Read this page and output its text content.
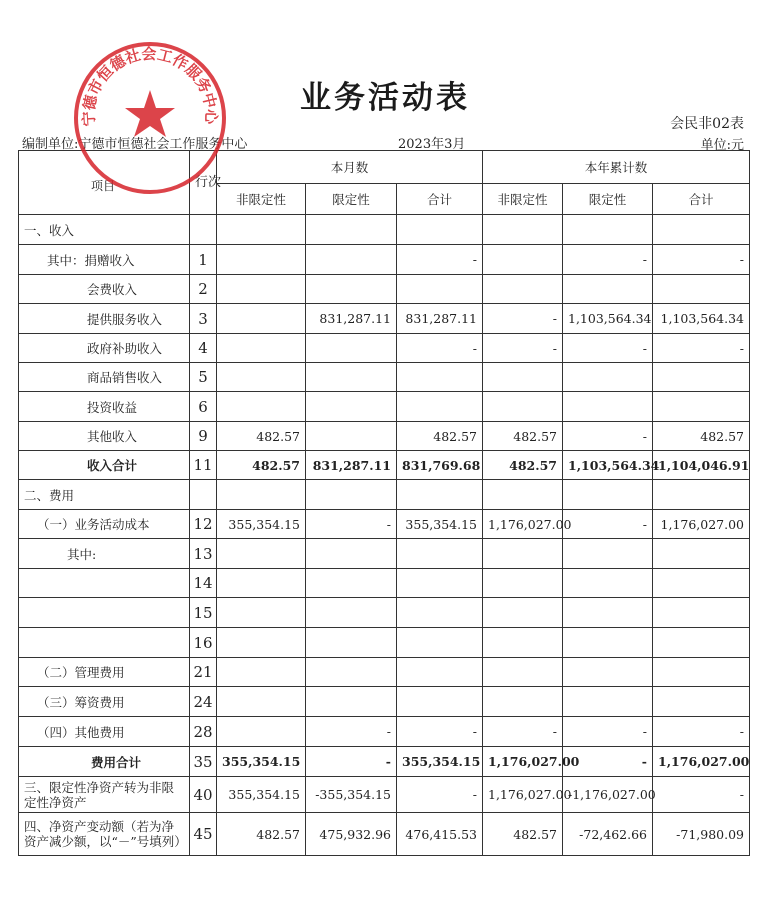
业务活动表
会民非02表
编制单位:宁德市恒德社会工作服务中心	2023年3月	单位:元
项目	行次	本月数			本年累计数		
		非限定性	限定性	合计	非限定性	限定性	合计
一、收入							
其中：捐赠收入	1			-		-	-
会费收入	2						
提供服务收入	3		831,287.11	831,287.11	-	1,103,564.34	1,103,564.34
政府补助收入	4			-	-	-	-
商品销售收入	5						
投资收益	6						
其他收入	9	482.57		482.57	482.57	-	482.57
收入合计	11	482.57	831,287.11	831,769.68	482.57	1,103,564.34	1,104,046.91
二、费用							
（一）业务活动成本	12	355,354.15	-	355,354.15	1,176,027.00	-	1,176,027.00
其中:	13						
	14						
	15						
	16						
（二）管理费用	21						
（三）筹资费用	24						
（四）其他费用	28		-	-	-	-	-
费用合计	35	355,354.15	-	355,354.15	1,176,027.00	-	1,176,027.00
三、限定性净资产转为非限定性净资产	40	355,354.15	-355,354.15	-	1,176,027.00	-1,176,027.00	-
四、净资产变动额（若为净资产减少额，以“－”号填列）	45	482.57	475,932.96	476,415.53	482.57	-72,462.66	-71,980.09
宁德市恒德社会工作服务中心
